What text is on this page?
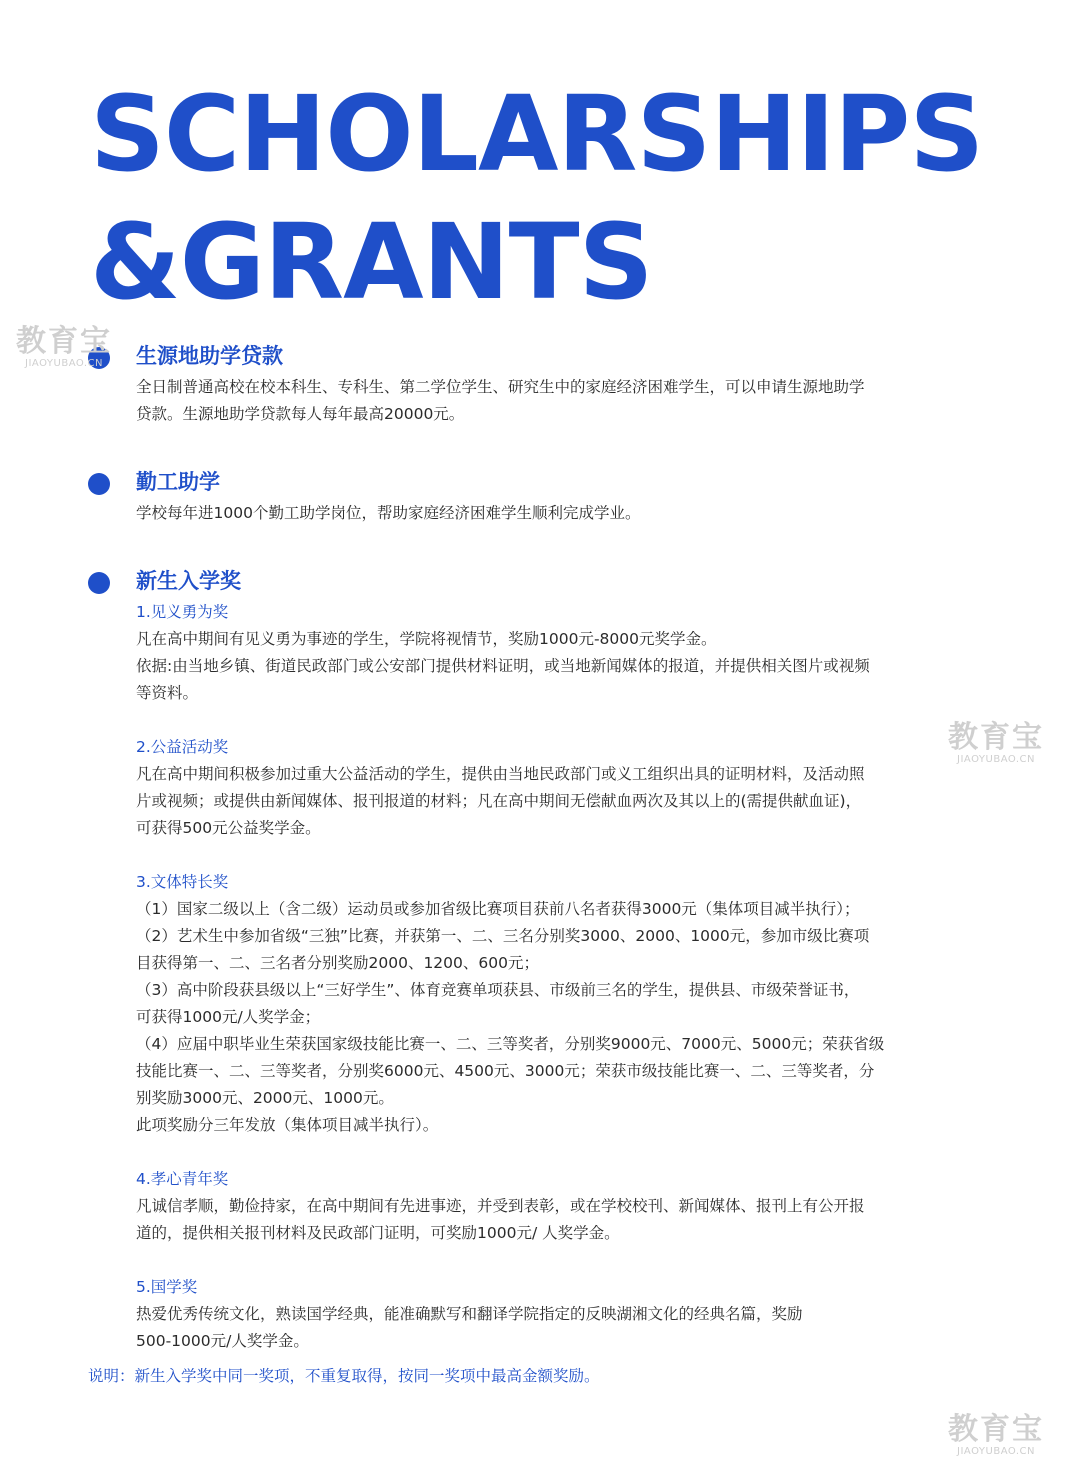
SCHOLARSHIPS
&GRANTS
生源地助学贷款

全日制普通高校在校本科生、专科生、第二学位学生、研究生中的家庭经济困难学生，可以申请生源地助学

贷款。生源地助学贷款每人每年最高20000元。

勤工助学

学校每年进1000个勤工助学岗位，帮助家庭经济困难学生顺利完成学业。

新生入学奖

1.见义勇为奖

凡在高中期间有见义勇为事迹的学生，学院将视情节，奖励1000元-8000元奖学金。

依据:由当地乡镇、街道民政部门或公安部门提供材料证明，或当地新闻媒体的报道，并提供相关图片或视频

等资料。

2.公益活动奖

凡在高中期间积极参加过重大公益活动的学生，提供由当地民政部门或义工组织出具的证明材料，及活动照

片或视频；或提供由新闻媒体、报刊报道的材料；凡在高中期间无偿献血两次及其以上的(需提供献血证)，

可获得500元公益奖学金。

3.文体特长奖

（1）国家二级以上（含二级）运动员或参加省级比赛项目获前八名者获得3000元（集体项目减半执行）；

（2）艺术生中参加省级“三独”比赛，并获第一、二、三名分别奖3000、2000、1000元，参加市级比赛项

目获得第一、二、三名者分别奖励2000、1200、600元；

（3）高中阶段获县级以上“三好学生”、体育竞赛单项获县、市级前三名的学生，提供县、市级荣誉证书，

可获得1000元/人奖学金；

（4）应届中职毕业生荣获国家级技能比赛一、二、三等奖者，分别奖9000元、7000元、5000元；荣获省级

技能比赛一、二、三等奖者，分别奖6000元、4500元、3000元；荣获市级技能比赛一、二、三等奖者，分

别奖励3000元、2000元、1000元。

此项奖励分三年发放（集体项目减半执行）。

4.孝心青年奖

凡诚信孝顺，勤俭持家，在高中期间有先进事迹，并受到表彰，或在学校校刊、新闻媒体、报刊上有公开报

道的，提供相关报刊材料及民政部门证明，可奖励1000元/ 人奖学金。

5.国学奖

热爱优秀传统文化，熟读国学经典，能准确默写和翻译学院指定的反映湖湘文化的经典名篇，奖励

500-1000元/人奖学金。

说明：新生入学奖中同一奖项，不重复取得，按同一奖项中最高金额奖励。

教育宝
JIAOYUBAO.CN
教育宝
JIAOYUBAO.CN
教育宝
JIAOYUBAO.CN
